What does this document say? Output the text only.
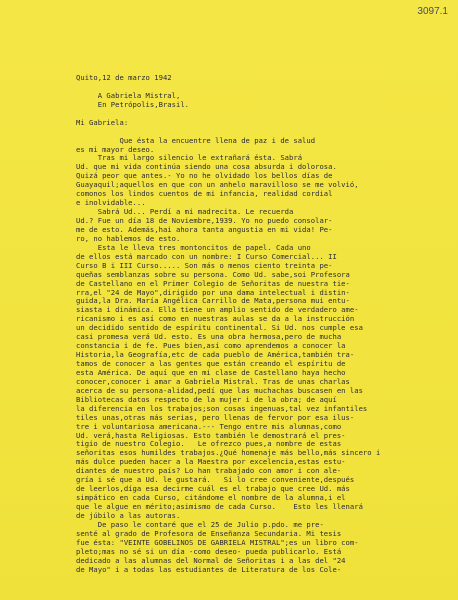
3097.1
Quito,12 de marzo 1942
A Gabriela Mistral,
En Petrópolis,Brasil.
Mi Gabriela:
Que ésta la encuentre llena de paz i de salud
es mi mayor deseo.
Tras mi largo silencio le extrañará ésta. Sabrá
Ud. que mi vida continúa siendo una cosa absurda i dolorosa.
Quizá peor que antes.- Yo no he olvidado los bellos días de
Guayaquil;aquellos en que con un anhelo maravilloso se me volvió,
comonos los lindos cuentos de mi infancia, realidad cordial
e inolvidable...
Sabrá Ud... Perdí a mi madrecita. Le recuerda
Ud.? Fue un día 18 de Noviembre,1939. Yo no puedo consolar-
me de esto. Además,hai ahora tanta angustia en mi vida! Pe-
ro, no hablemos de esto.
Esta le lleva tres montoncitos de papel. Cada uno
de ellos está marcado con un nombre: I Curso Comercial... II
Curso B i III Curso..... Son más o menos ciento treinta pe-
queñas semblanzas sobre su persona. Como Ud. sabe,soi Profesora
de Castellano en el Primer Colegio de Señoritas de nuestra tie-
rra,el "24 de Mayo",dirigido por una dama intelectual i distin-
guida,la Dra. María Angélica Carrillo de Mata,persona mui entu-
siasta i dinámica. Ella tiene un amplio sentido de verdadero ame-
ricanismo i es así como en nuestras aulas se da a la instrucción
un decidido sentido de espíritu continental. Si Ud. nos cumple esa
casi promesa verá Ud. esto. Es una obra hermosa,pero de mucha
constancia i de fe. Pues bien,así como aprendemos a conocer la
Historia,la Geografía,etc de cada pueblo de América,también tra-
tamos de conocer a las gentes que están creando el espíritu de
esta América. De aquí que en mi clase de Castellano haya hecho
conocer,conocer i amar a Gabriela Mistral. Tras de unas charlas
acerca de su persona-alidad,pedí que las muchachas buscasen en las
Bibliotecas datos respecto de la mujer i de la obra; de aquí
la diferencia en los trabajos;son cosas ingenuas,tal vez infantiles
tiles unas,otras más serias, pero llenas de fervor por esa ilus-
tre i voluntariosa americana.--- Tengo entre mis alumnas,como
Ud. verá,hasta Religiosas. Esto también le demostrará el pres-
tigio de nuestro Colegio.   Le ofrezco pues,a nombre de estas
señoritas esos humildes trabajos.¿Qué homenaje más bello,más sincero i
más dulce pueden hacer a la Maestra por excelencia,estas estu-
diantes de nuestro país? Lo han trabajado con amor i con ale-
gría i sé que a Ud. le gustará.   Si lo cree conveniente,después
de leerlos,díga esa decirme cuál es el trabajo que cree Ud. más
simpático en cada Curso, citándome el nombre de la alumna,i el
que le algue en mérito;asimismo de cada Curso.    Esto les llenará
de júbilo a las autoras.
De paso le contaré que el 25 de Julio p.pdo. me pre-
senté al grado de Profesora de Enseñanza Secundaria. Mi tesis
fue ésta: "VEINTE GOBELINOS DE GABRIELA MISTRAL";es un libro com-
pleto;mas no sé si un día -como deseo- pueda publicarlo. Está
dedicado a las alumnas del Normal de Señoritas i a las del "24
de Mayo" i a todas las estudiantes de Literatura de los Cole-
